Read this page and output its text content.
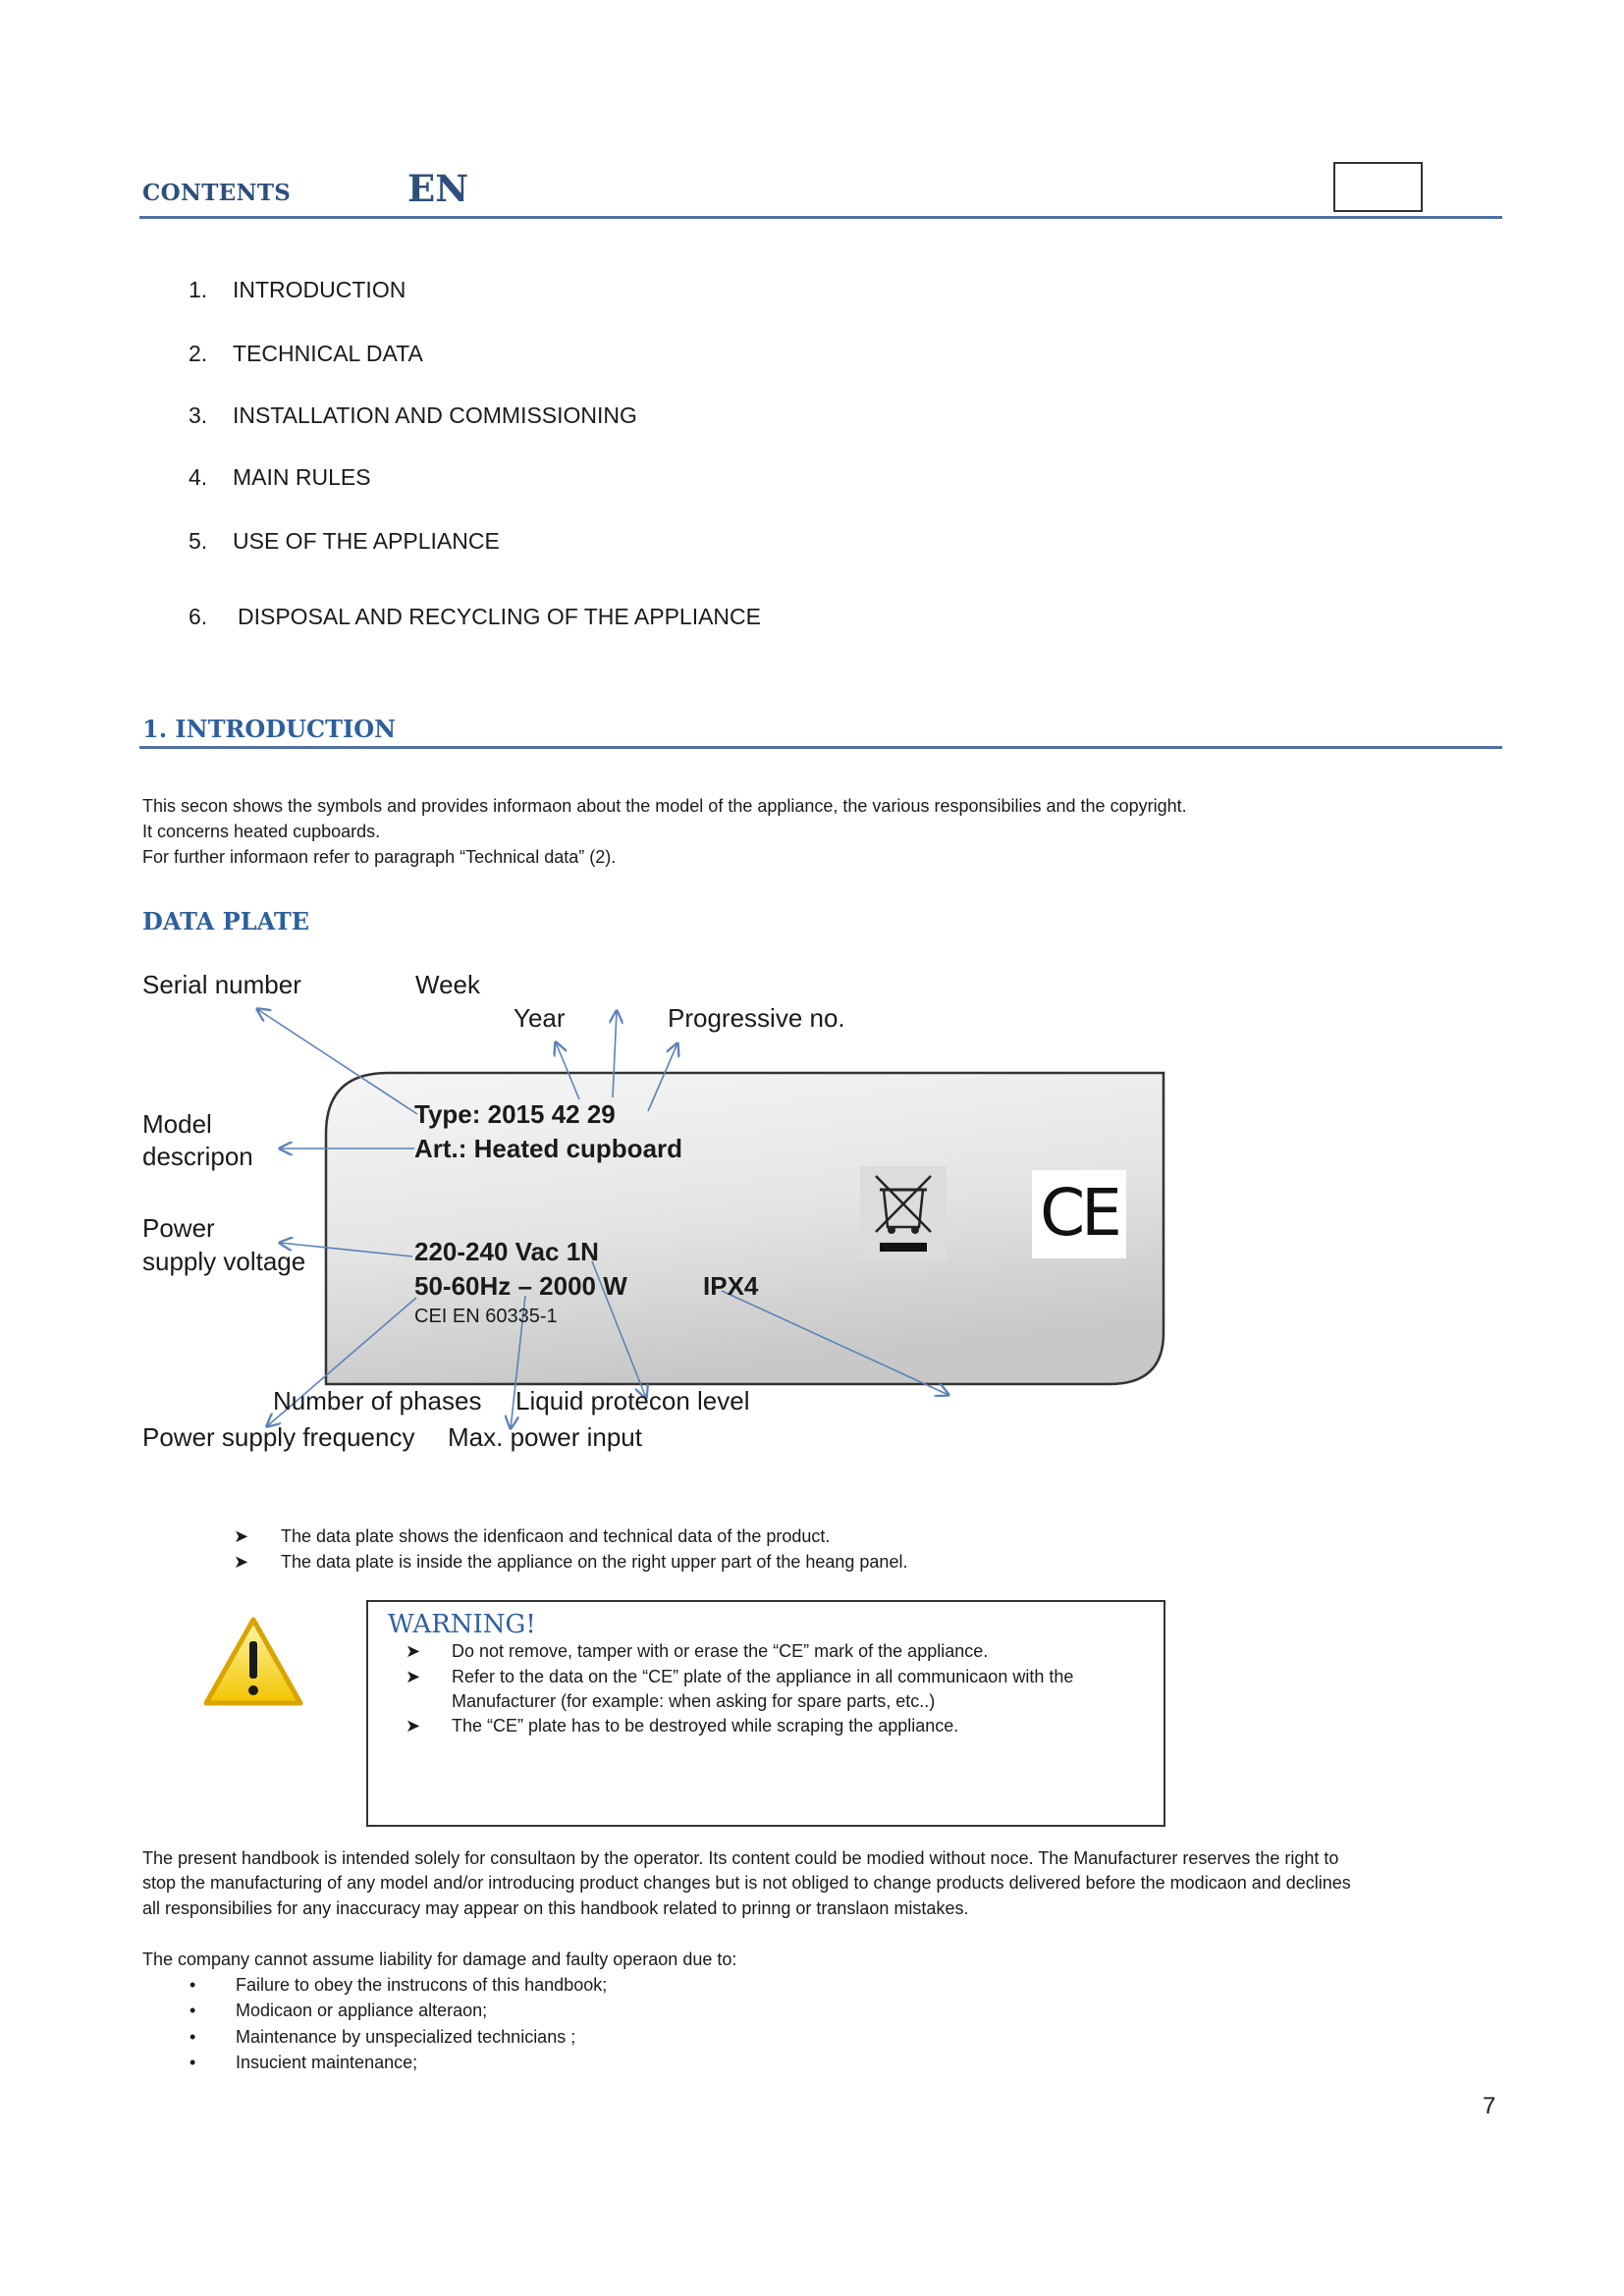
CONTENTS	EN
1. INTRODUCTION
2. TECHNICAL DATA
3. INSTALLATION AND COMMISSIONING
4. MAIN RULES
5. USE OF THE APPLIANCE
6. DISPOSAL AND RECYCLING OF THE APPLIANCE
1. INTRODUCTION
This secon shows the symbols and provides informaon about the model of the appliance, the various responsibilies and the copyright.
It concerns heated cupboards.
For further informaon refer to paragraph “Technical data” (2).
DATA PLATE
Serial number	Week
Year	Progressive no.
Model
descripon
Power
supply voltage
Number of phases Liquid protecon level
Power supply frequency Max. power input
Type: 2015 42 29
Art.: Heated cupboard
220-240 Vac 1N
50-60Hz – 2000 W	IPX4
CEI EN 60335-1
CE
➤ The data plate shows the idenficaon and technical data of the product.
➤ The data plate is inside the appliance on the right upper part of the heang panel.
WARNING!
➤ Do not remove, tamper with or erase the “CE” mark of the appliance.
➤ Refer to the data on the “CE” plate of the appliance in all communicaon with the
Manufacturer (for example: when asking for spare parts, etc..)
➤ The “CE” plate has to be destroyed while scraping the appliance.
The present handbook is intended solely for consultaon by the operator. Its content could be modied without noce. The Manufacturer reserves the right to
stop the manufacturing of any model and/or introducing product changes but is not obliged to change products delivered before the modicaon and declines
all responsibilies for any inaccuracy may appear on this handbook related to prinng or translaon mistakes.
The company cannot assume liability for damage and faulty operaon due to:
• Failure to obey the instrucons of this handbook;
• Modicaon or appliance alteraon;
• Maintenance by unspecialized technicians ;
• Insucient maintenance;
7
